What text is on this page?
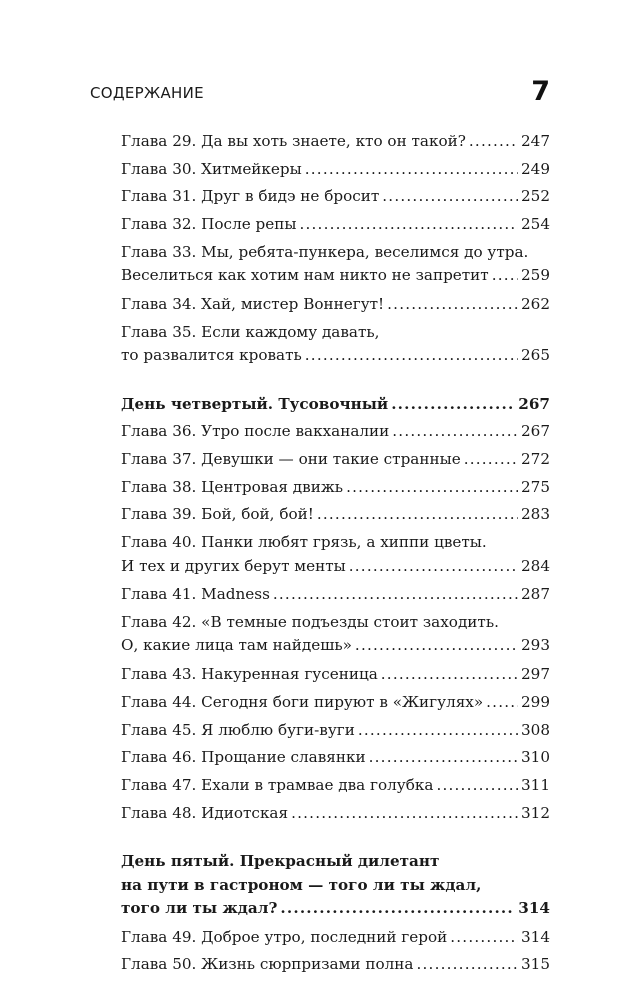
СОДЕРЖАНИЕ	7
Глава 29. Да вы хоть знаете, кто он такой? .....	247
Глава 30. Хитмейкеры .....	249
Глава 31. Друг в бидэ не бросит .....	252
Глава 32. После репы .....	254
Глава 33. Мы, ребята-пункера, веселимся до утра.
Веселиться как хотим нам никто не запретит ..... 259
Глава 34. Хай, мистер Воннегут! .....	262
Глава 35. Если каждому давать,
то развалится кровать .....	265
День четвертый. Тусовочный .....	267
Глава 36. Утро после вакханалии .....	267
Глава 37. Девушки — они такие странные .....	272
Глава 38. Центровая движь .....	275
Глава 39. Бой, бой, бой! .....	283
Глава 40. Панки любят грязь, а хиппи цветы.
И тех и других берут менты .....	284
Глава 41. Madness .....	287
Глава 42. «В темные подъезды стоит заходить.
О, какие лица там найдешь» .....	293
Глава 43. Накуренная гусеница .....	297
Глава 44. Сегодня боги пируют в «Жигулях» ..... 299
Глава 45. Я люблю буги-вуги .....	308
Глава 46. Прощание славянки .....	310
Глава 47. Ехали в трамвае два голубка .....	311
Глава 48. Идиотская .....	312
День пятый. Прекрасный дилетант
на пути в гастроном — того ли ты ждал,
того ли ты ждал? .....	314
Глава 49. Доброе утро, последний герой .....	314
Глава 50. Жизнь сюрпризами полна .....	315
